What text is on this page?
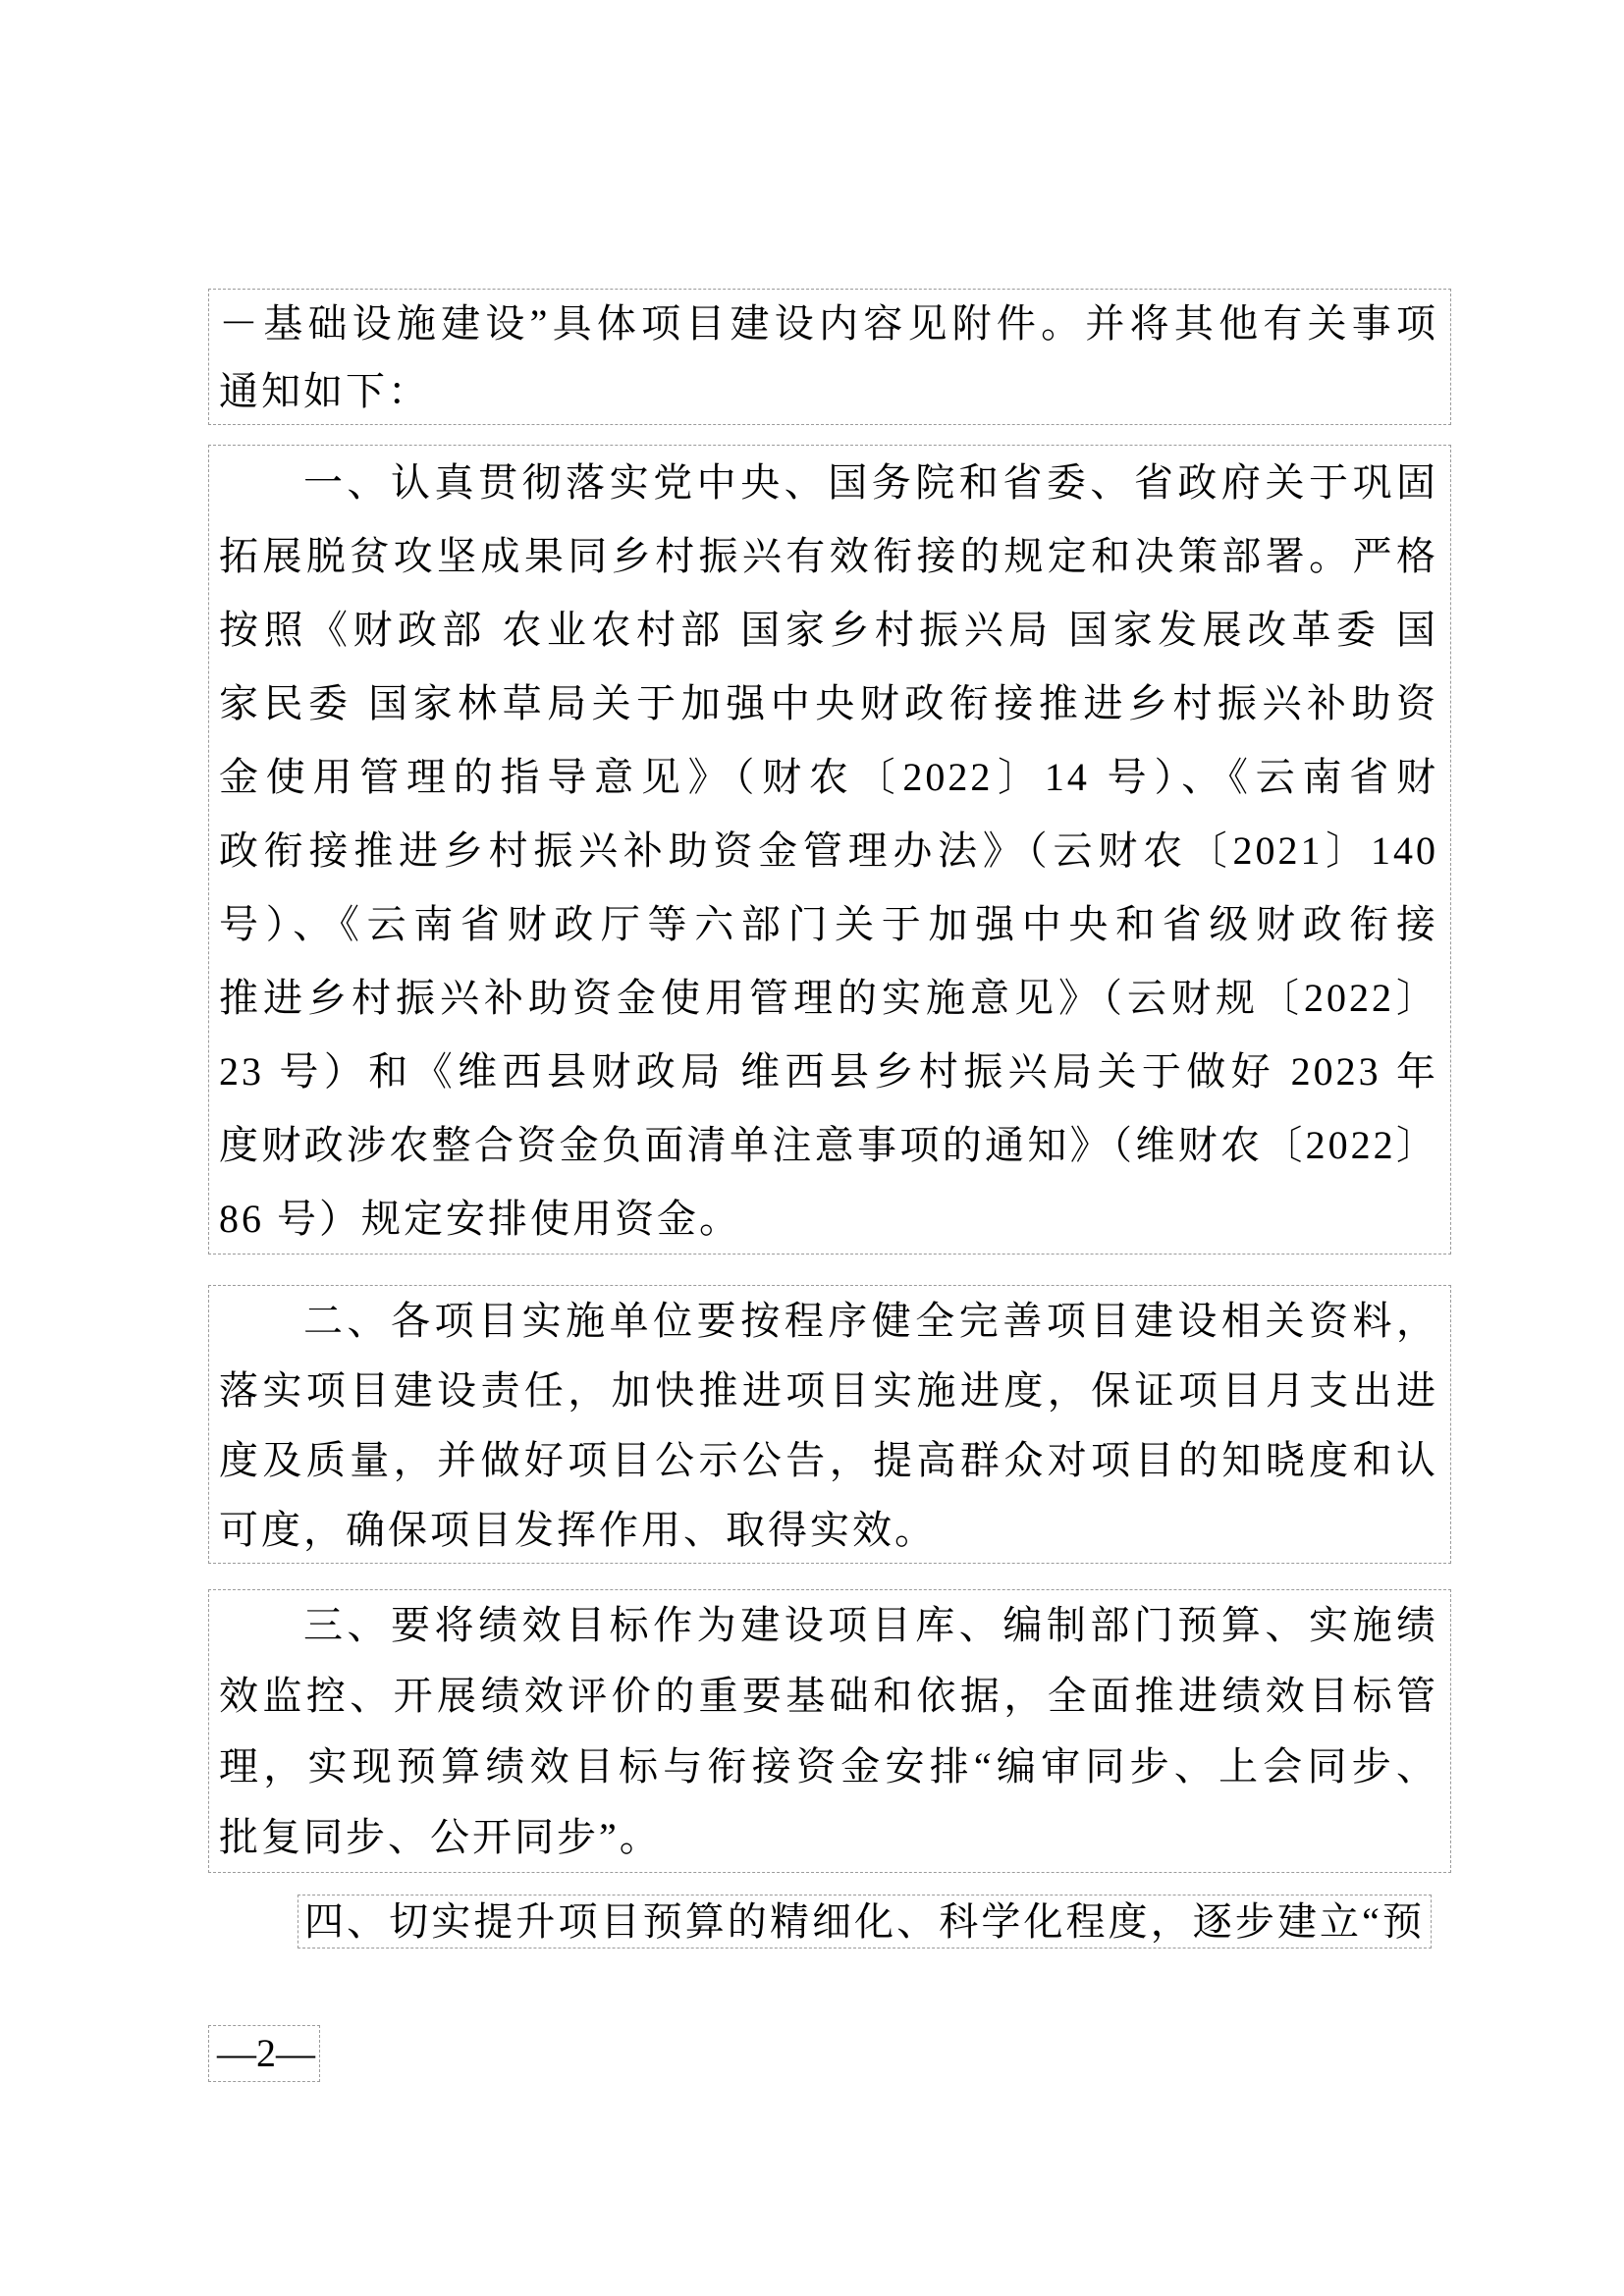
－基础设施建设”具体项目建设内容见附件。并将其他有关事项
通知如下：
一、认真贯彻落实党中央、国务院和省委、省政府关于巩固
拓展脱贫攻坚成果同乡村振兴有效衔接的规定和决策部署。严格
按照《财政部 农业农村部 国家乡村振兴局 国家发展改革委 国
家民委 国家林草局关于加强中央财政衔接推进乡村振兴补助资
金使用管理的指导意见》（财农〔2022〕14 号）、《云南省财
政衔接推进乡村振兴补助资金管理办法》（云财农〔2021〕140
号）、《云南省财政厅等六部门关于加强中央和省级财政衔接
推进乡村振兴补助资金使用管理的实施意见》（云财规〔2022〕
23 号）和《维西县财政局 维西县乡村振兴局关于做好 2023 年
度财政涉农整合资金负面清单注意事项的通知》（维财农〔2022〕
86 号）规定安排使用资金。
二、各项目实施单位要按程序健全完善项目建设相关资料，
落实项目建设责任，加快推进项目实施进度，保证项目月支出进
度及质量，并做好项目公示公告，提高群众对项目的知晓度和认
可度，确保项目发挥作用、取得实效。
三、要将绩效目标作为建设项目库、编制部门预算、实施绩
效监控、开展绩效评价的重要基础和依据，全面推进绩效目标管
理，实现预算绩效目标与衔接资金安排“编审同步、上会同步、
批复同步、公开同步”。
四、切实提升项目预算的精细化、科学化程度，逐步建立“预
—2—
